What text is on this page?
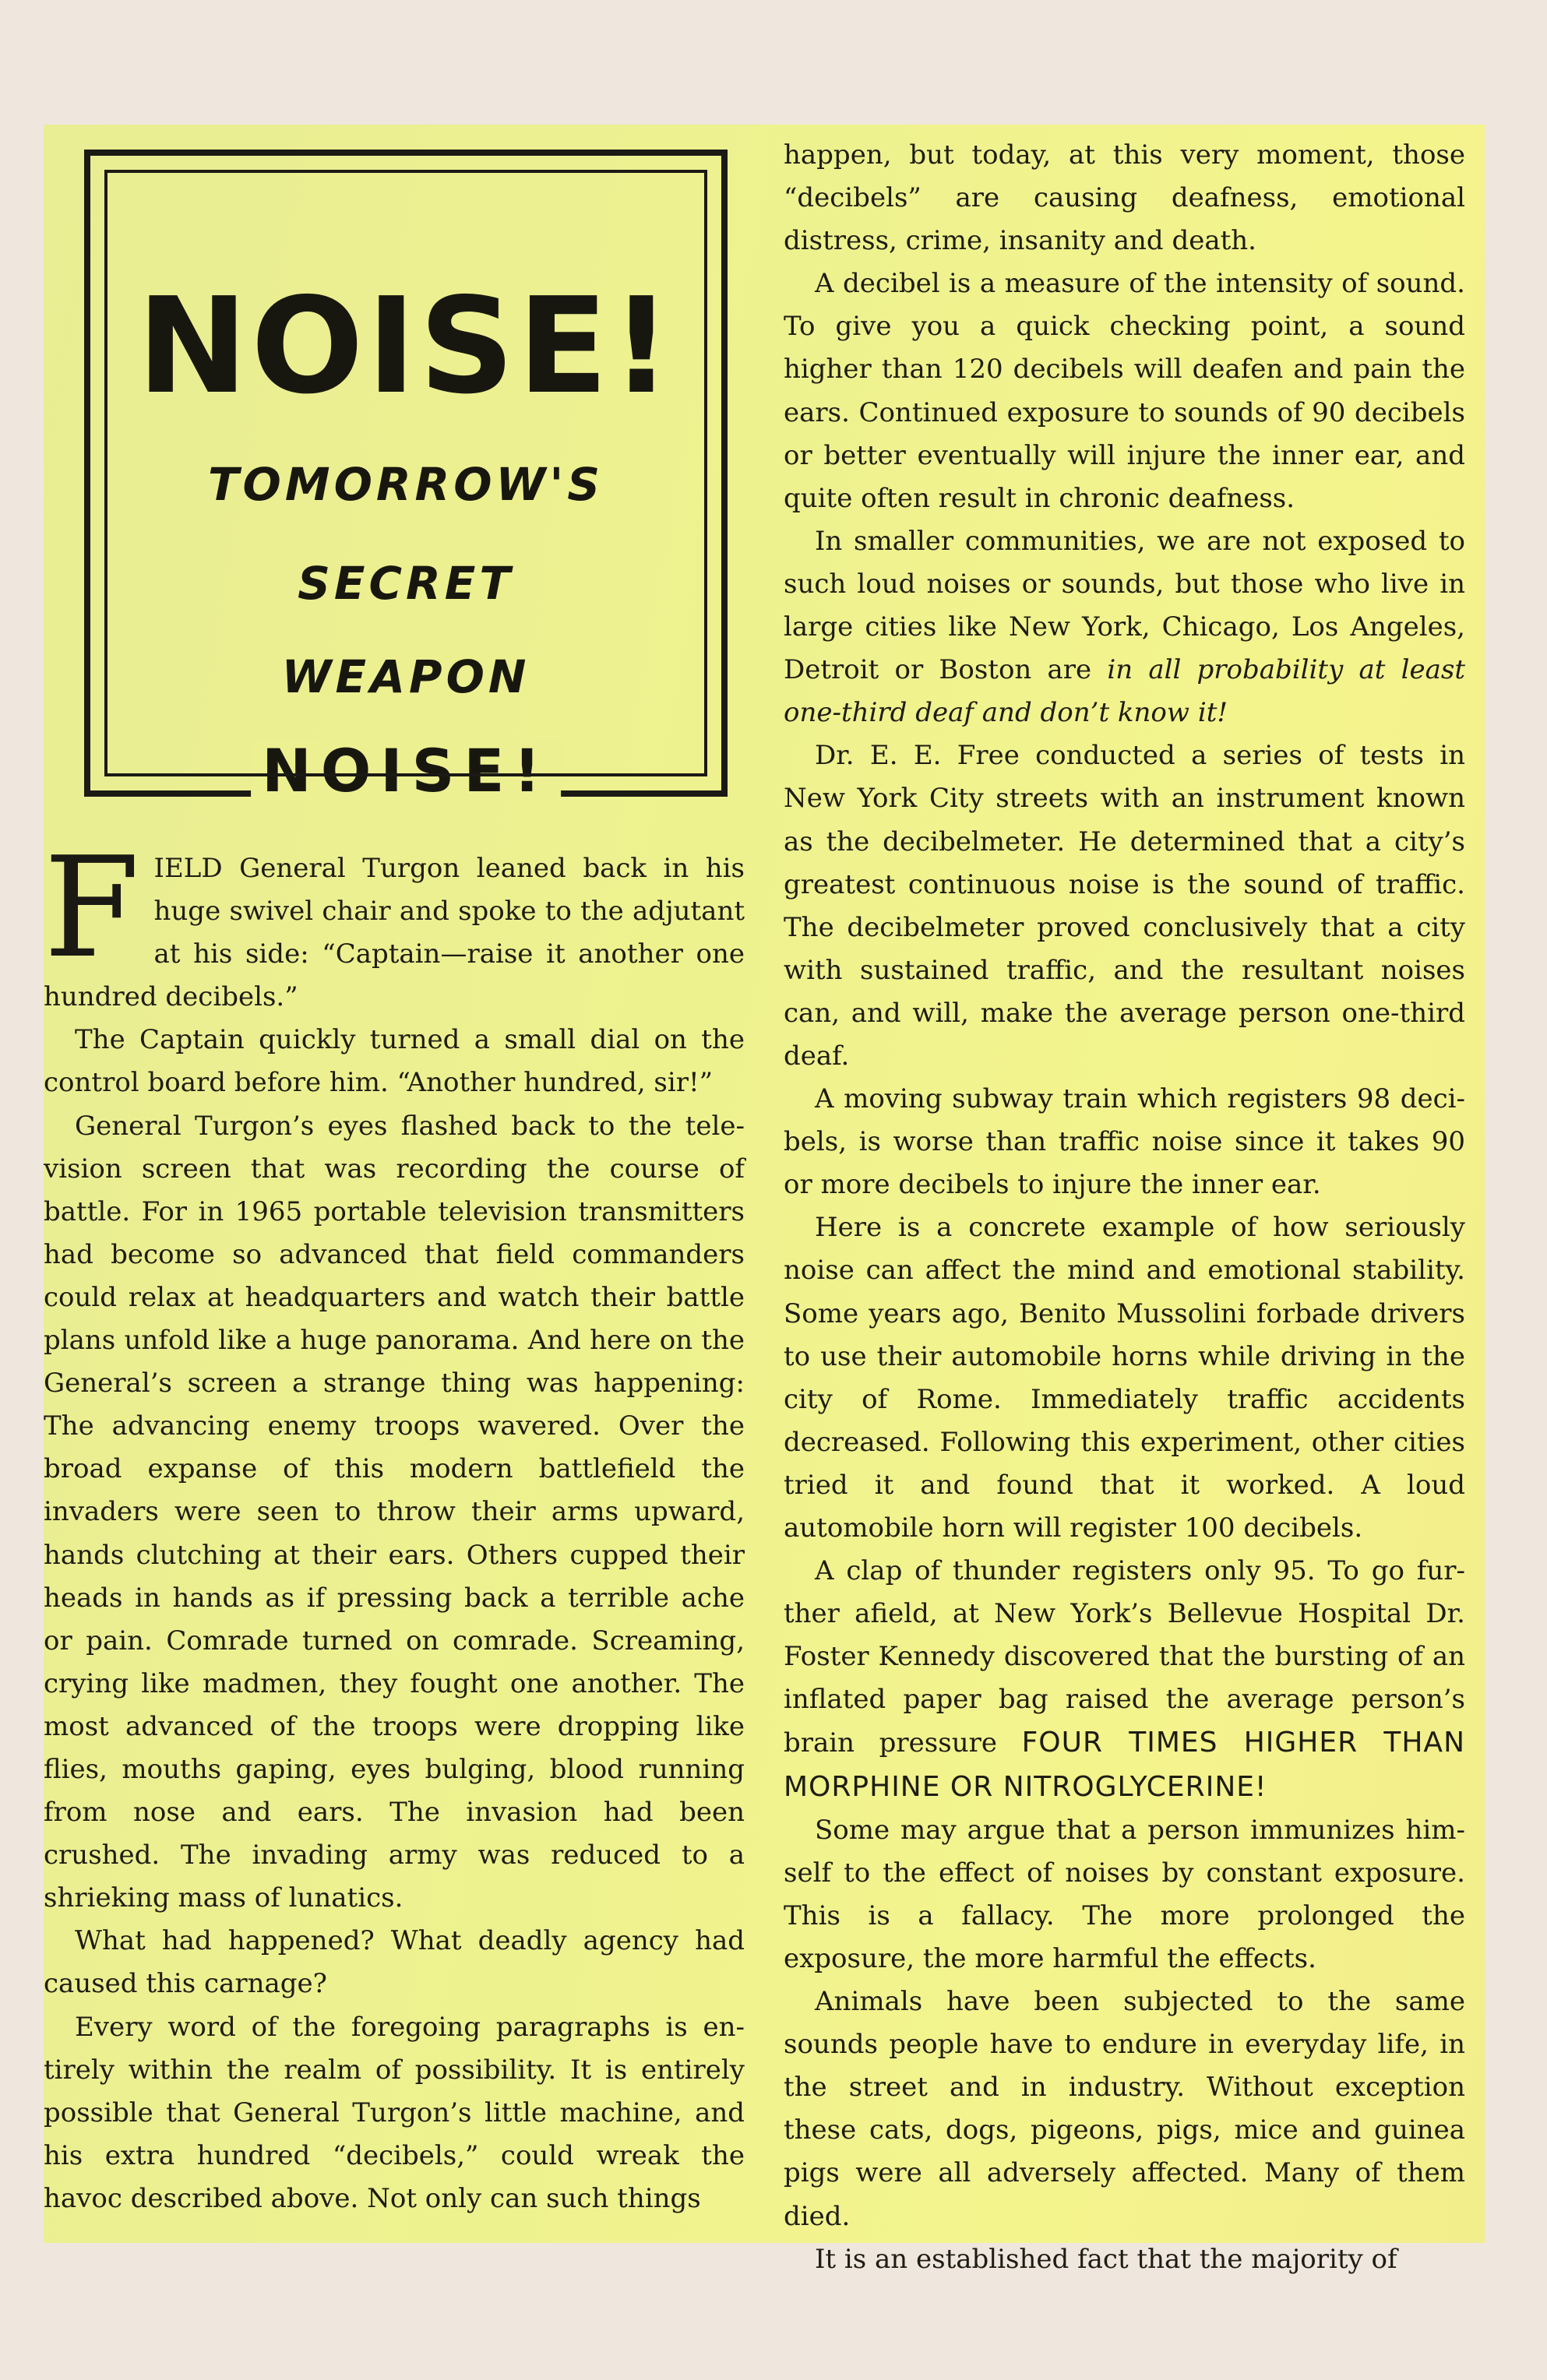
NOISE!
TOMORROW'S
SECRET
WEAPON
NOISE!

FIELD General Turgon leaned back in his huge swivel chair and spoke to the adjutant at his side: “Captain—raise it another one hundred decibels.”

The Captain quickly turned a small dial on the control board before him. “Another hundred, sir!”

General Turgon’s eyes flashed back to the television screen that was recording the course of battle. For in 1965 portable television transmitters had become so advanced that field commanders could relax at headquarters and watch their battle plans unfold like a huge panorama. And here on the General’s screen a strange thing was happening: The advancing enemy troops wavered. Over the broad expanse of this modern battlefield the invaders were seen to throw their arms upward, hands clutching at their ears. Others cupped their heads in hands as if pressing back a terrible ache or pain. Comrade turned on comrade. Screaming, crying like madmen, they fought one another. The most advanced of the troops were dropping like flies, mouths gaping, eyes bulging, blood running from nose and ears. The invasion had been crushed. The invading army was reduced to a shrieking mass of lunatics.

What had happened? What deadly agency had caused this carnage?

Every word of the foregoing paragraphs is entirely within the realm of possibility. It is entirely possible that General Turgon’s little machine, and his extra hundred “decibels,” could wreak the havoc described above. Not only can such things

happen, but today, at this very moment, those “decibels” are causing deafness, emotional distress, crime, insanity and death.

A decibel is a measure of the intensity of sound. To give you a quick checking point, a sound higher than 120 decibels will deafen and pain the ears. Continued exposure to sounds of 90 decibels or better eventually will injure the inner ear, and quite often result in chronic deafness.

In smaller communities, we are not exposed to such loud noises or sounds, but those who live in large cities like New York, Chicago, Los Angeles, Detroit or Boston are in all probability at least one-third deaf and don’t know it!

Dr. E. E. Free conducted a series of tests in New York City streets with an instrument known as the decibelmeter. He determined that a city’s greatest continuous noise is the sound of traffic. The decibelmeter proved conclusively that a city with sustained traffic, and the resultant noises can, and will, make the average person one-third deaf.

A moving subway train which registers 98 decibels, is worse than traffic noise since it takes 90 or more decibels to injure the inner ear.

Here is a concrete example of how seriously noise can affect the mind and emotional stability. Some years ago, Benito Mussolini forbade drivers to use their automobile horns while driving in the city of Rome. Immediately traffic accidents decreased. Following this experiment, other cities tried it and found that it worked. A loud automobile horn will register 100 decibels.

A clap of thunder registers only 95. To go further afield, at New York’s Bellevue Hospital Dr. Foster Kennedy discovered that the bursting of an inflated paper bag raised the average person’s brain pressure FOUR TIMES HIGHER THAN MORPHINE OR NITROGLYCERINE!

Some may argue that a person immunizes himself to the effect of noises by constant exposure. This is a fallacy. The more prolonged the exposure, the more harmful the effects.

Animals have been subjected to the same sounds people have to endure in everyday life, in the street and in industry. Without exception these cats, dogs, pigeons, pigs, mice and guinea pigs were all adversely affected. Many of them died.

It is an established fact that the majority of
